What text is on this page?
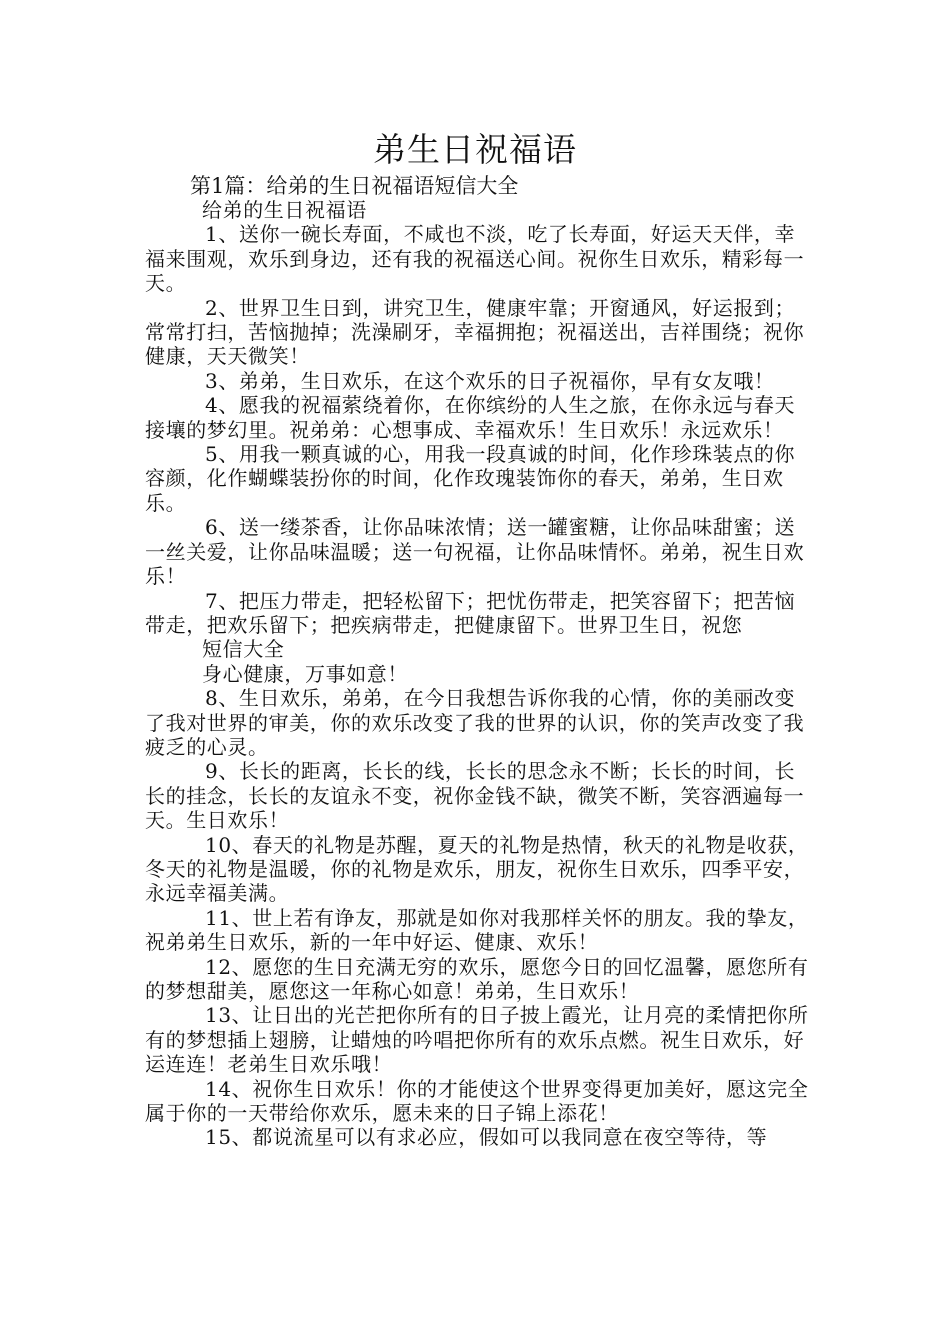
弟生日祝福语
第1篇：给弟的生日祝福语短信大全

给弟的生日祝福语

1、送你一碗长寿面，不咸也不淡，吃了长寿面，好运天天伴，幸福来围观，欢乐到身边，还有我的祝福送心间。祝你生日欢乐，精彩每一天。

2、世界卫生日到，讲究卫生，健康牢靠；开窗通风，好运报到；常常打扫，苦恼抛掉；洗澡刷牙，幸福拥抱；祝福送出，吉祥围绕；祝你健康，天天微笑！

3、弟弟，生日欢乐，在这个欢乐的日子祝福你，早有女友哦！

4、愿我的祝福萦绕着你，在你缤纷的人生之旅，在你永远与春天接壤的梦幻里。祝弟弟：心想事成、幸福欢乐！生日欢乐！永远欢乐！

5、用我一颗真诚的心，用我一段真诚的时间，化作珍珠装点的你容颜，化作蝴蝶装扮你的时间，化作玫瑰装饰你的春天，弟弟，生日欢乐。

6、送一缕茶香，让你品味浓情；送一罐蜜糖，让你品味甜蜜；送一丝关爱，让你品味温暖；送一句祝福，让你品味情怀。弟弟，祝生日欢乐！

7、把压力带走，把轻松留下；把忧伤带走，把笑容留下；把苦恼带走，把欢乐留下；把疾病带走，把健康留下。世界卫生日，祝您

短信大全

身心健康，万事如意！

8、生日欢乐，弟弟，在今日我想告诉你我的心情，你的美丽改变了我对世界的审美，你的欢乐改变了我的世界的认识，你的笑声改变了我疲乏的心灵。

9、长长的距离，长长的线，长长的思念永不断；长长的时间，长长的挂念，长长的友谊永不变，祝你金钱不缺，微笑不断，笑容洒遍每一天。生日欢乐！

10、春天的礼物是苏醒，夏天的礼物是热情，秋天的礼物是收获，冬天的礼物是温暖，你的礼物是欢乐，朋友，祝你生日欢乐，四季平安，永远幸福美满。

11、世上若有诤友，那就是如你对我那样关怀的朋友。我的挚友，祝弟弟生日欢乐，新的一年中好运、健康、欢乐！

12、愿您的生日充满无穷的欢乐，愿您今日的回忆温馨，愿您所有的梦想甜美，愿您这一年称心如意！弟弟，生日欢乐！

13、让日出的光芒把你所有的日子披上霞光，让月亮的柔情把你所有的梦想插上翅膀，让蜡烛的吟唱把你所有的欢乐点燃。祝生日欢乐，好运连连！老弟生日欢乐哦！

14、祝你生日欢乐！你的才能使这个世界变得更加美好，愿这完全属于你的一天带给你欢乐，愿未来的日子锦上添花！

15、都说流星可以有求必应，假如可以我同意在夜空等待，等
